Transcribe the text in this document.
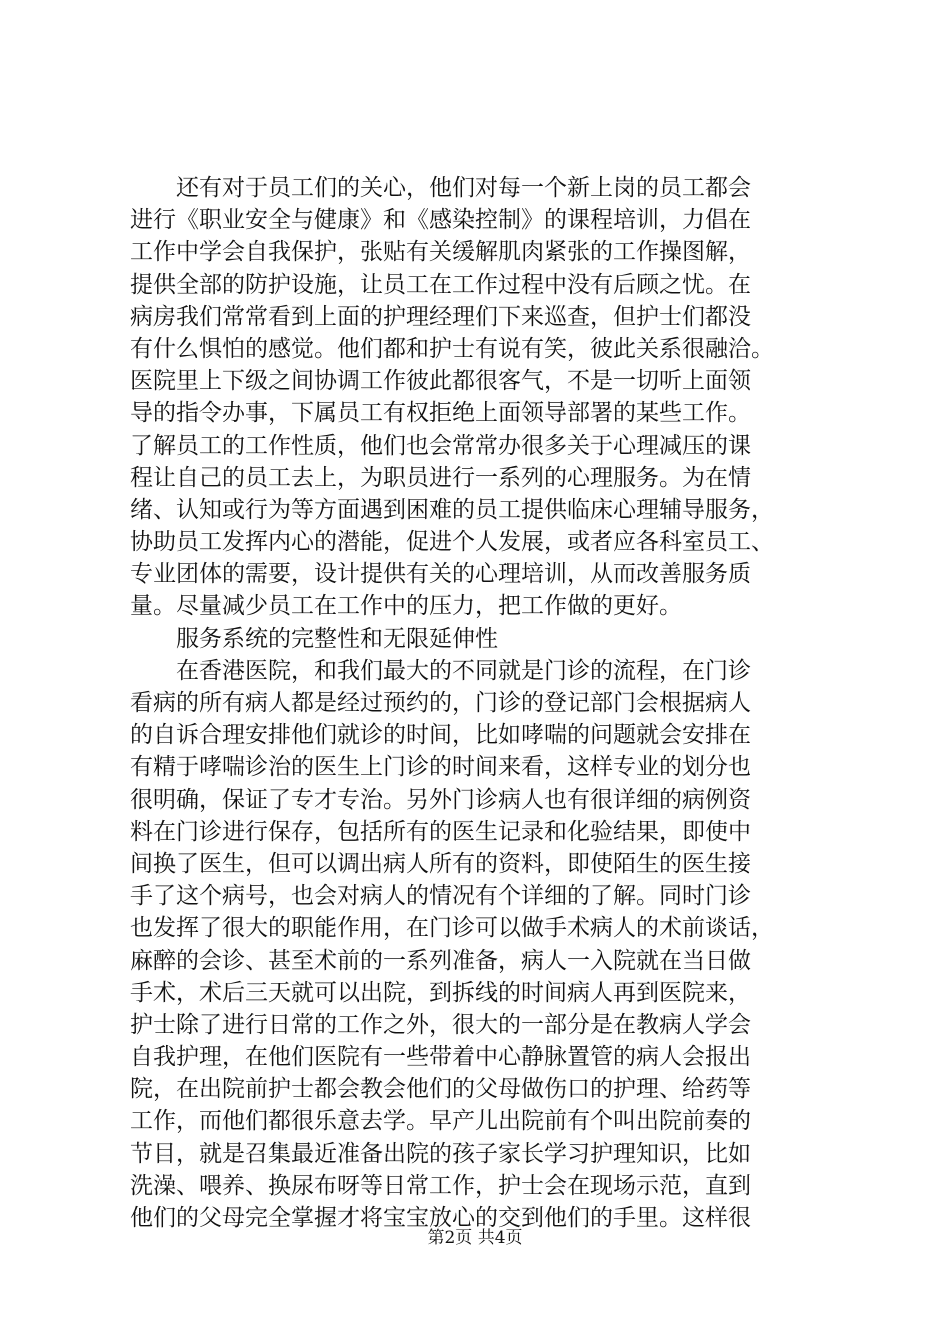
还有对于员工们的关心，他们对每一个新上岗的员工都会
进行《职业安全与健康》和《感染控制》的课程培训，力倡在
工作中学会自我保护，张贴有关缓解肌肉紧张的工作操图解，
提供全部的防护设施，让员工在工作过程中没有后顾之忧。在
病房我们常常看到上面的护理经理们下来巡查，但护士们都没
有什么惧怕的感觉。他们都和护士有说有笑，彼此关系很融洽。
医院里上下级之间协调工作彼此都很客气，不是一切听上面领
导的指令办事，下属员工有权拒绝上面领导部署的某些工作。
了解员工的工作性质，他们也会常常办很多关于心理减压的课
程让自己的员工去上，为职员进行一系列的心理服务。为在情
绪、认知或行为等方面遇到困难的员工提供临床心理辅导服务，
协助员工发挥内心的潜能，促进个人发展，或者应各科室员工、
专业团体的需要，设计提供有关的心理培训，从而改善服务质
量。尽量减少员工在工作中的压力，把工作做的更好。
服务系统的完整性和无限延伸性
在香港医院，和我们最大的不同就是门诊的流程，在门诊
看病的所有病人都是经过预约的，门诊的登记部门会根据病人
的自诉合理安排他们就诊的时间，比如哮喘的问题就会安排在
有精于哮喘诊治的医生上门诊的时间来看，这样专业的划分也
很明确，保证了专才专治。另外门诊病人也有很详细的病例资
料在门诊进行保存，包括所有的医生记录和化验结果，即使中
间换了医生，但可以调出病人所有的资料，即使陌生的医生接
手了这个病号，也会对病人的情况有个详细的了解。同时门诊
也发挥了很大的职能作用，在门诊可以做手术病人的术前谈话，
麻醉的会诊、甚至术前的一系列准备，病人一入院就在当日做
手术，术后三天就可以出院，到拆线的时间病人再到医院来，
护士除了进行日常的工作之外，很大的一部分是在教病人学会
自我护理，在他们医院有一些带着中心静脉置管的病人会报出
院，在出院前护士都会教会他们的父母做伤口的护理、给药等
工作，而他们都很乐意去学。早产儿出院前有个叫出院前奏的
节目，就是召集最近准备出院的孩子家长学习护理知识，比如
洗澡、喂养、换尿布呀等日常工作，护士会在现场示范，直到
他们的父母完全掌握才将宝宝放心的交到他们的手里。这样很
第2页 共4页
